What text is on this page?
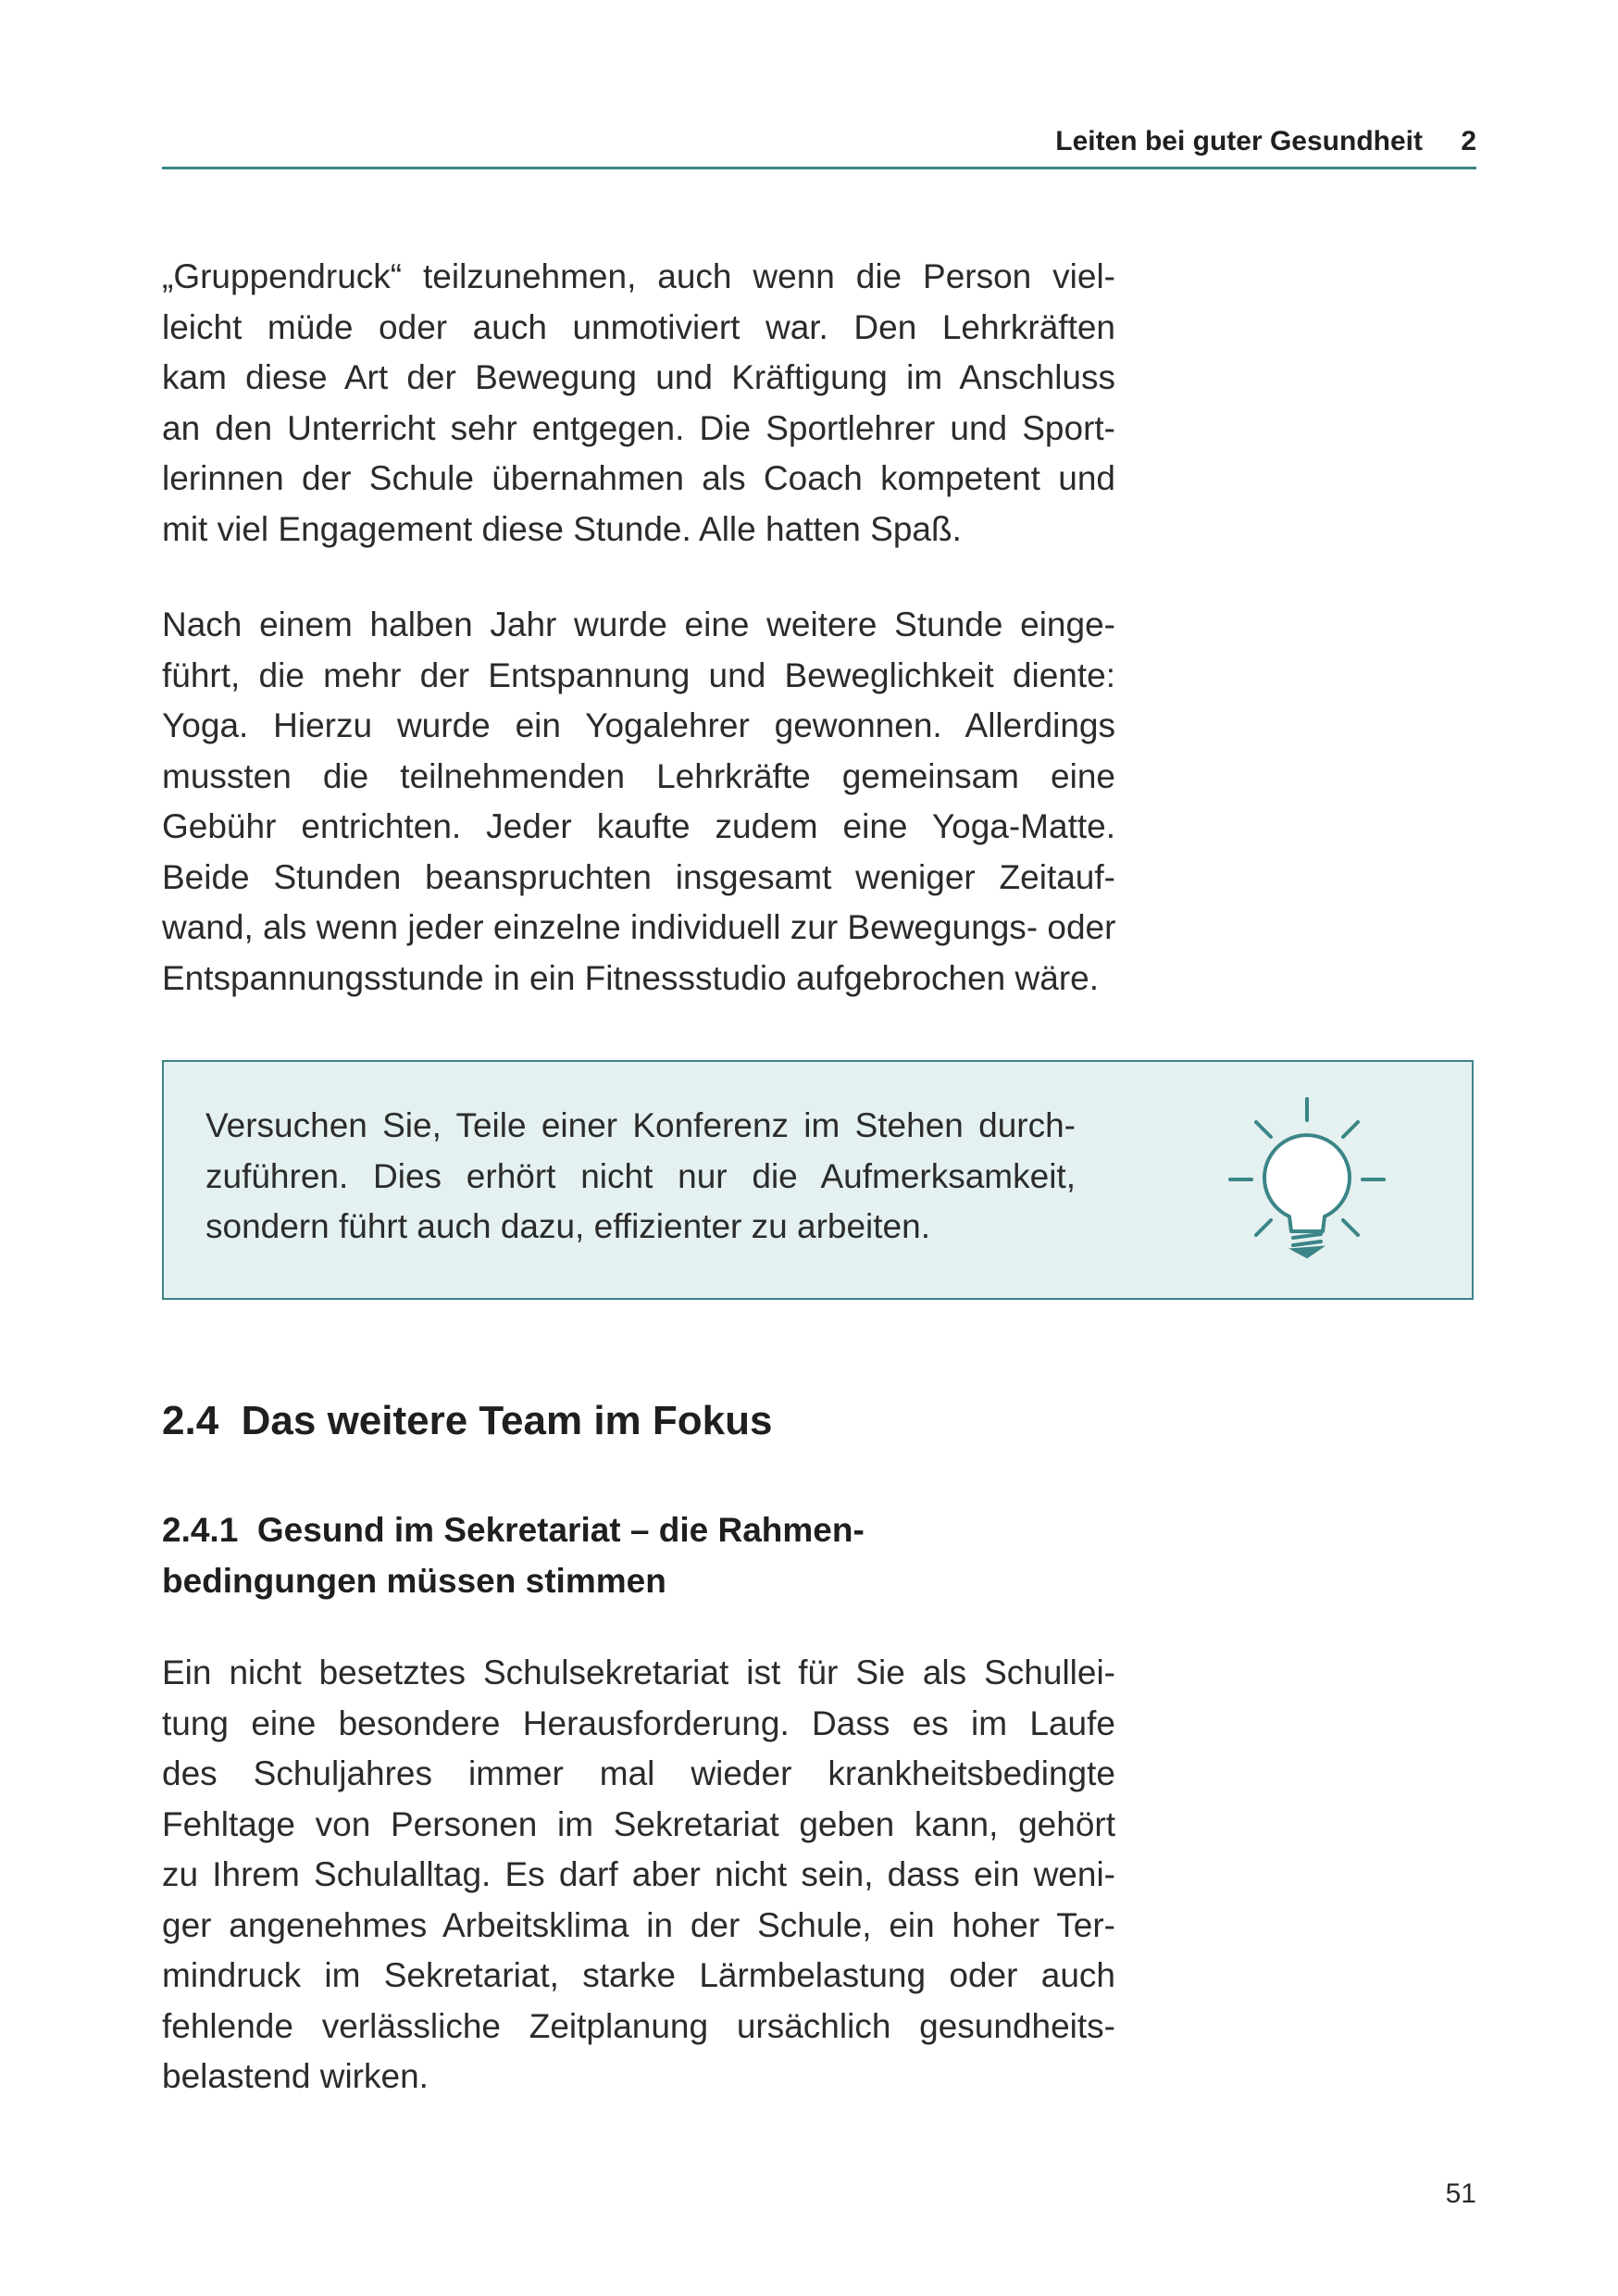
Leiten bei guter Gesundheit 2
„Gruppendruck“ teilzunehmen, auch wenn die Person viel-
leicht müde oder auch unmotiviert war. Den Lehrkräften
kam diese Art der Bewegung und Kräftigung im Anschluss
an den Unterricht sehr entgegen. Die Sportlehrer und Sport-
lerinnen der Schule übernahmen als Coach kompetent und
mit viel Engagement diese Stunde. Alle hatten Spaß.
Nach einem halben Jahr wurde eine weitere Stunde einge-
führt, die mehr der Entspannung und Beweglichkeit diente:
Yoga. Hierzu wurde ein Yogalehrer gewonnen. Allerdings
mussten die teilnehmenden Lehrkräfte gemeinsam eine
Gebühr entrichten. Jeder kaufte zudem eine Yoga-Matte.
Beide Stunden beanspruchten insgesamt weniger Zeitauf-
wand, als wenn jeder einzelne individuell zur Bewegungs- oder
Entspannungsstunde in ein Fitnessstudio aufgebrochen wäre.
Versuchen Sie, Teile einer Konferenz im Stehen durch-
zuführen. Dies erhört nicht nur die Aufmerksamkeit,
sondern führt auch dazu, effizienter zu arbeiten.
2.4 Das weitere Team im Fokus
2.4.1 Gesund im Sekretariat – die Rahmen-
bedingungen müssen stimmen
Ein nicht besetztes Schulsekretariat ist für Sie als Schullei-
tung eine besondere Herausforderung. Dass es im Laufe
des Schuljahres immer mal wieder krankheitsbedingte
Fehltage von Personen im Sekretariat geben kann, gehört
zu Ihrem Schulalltag. Es darf aber nicht sein, dass ein weni-
ger angenehmes Arbeitsklima in der Schule, ein hoher Ter-
mindruck im Sekretariat, starke Lärmbelastung oder auch
fehlende verlässliche Zeitplanung ursächlich gesundheits-
belastend wirken.
51
